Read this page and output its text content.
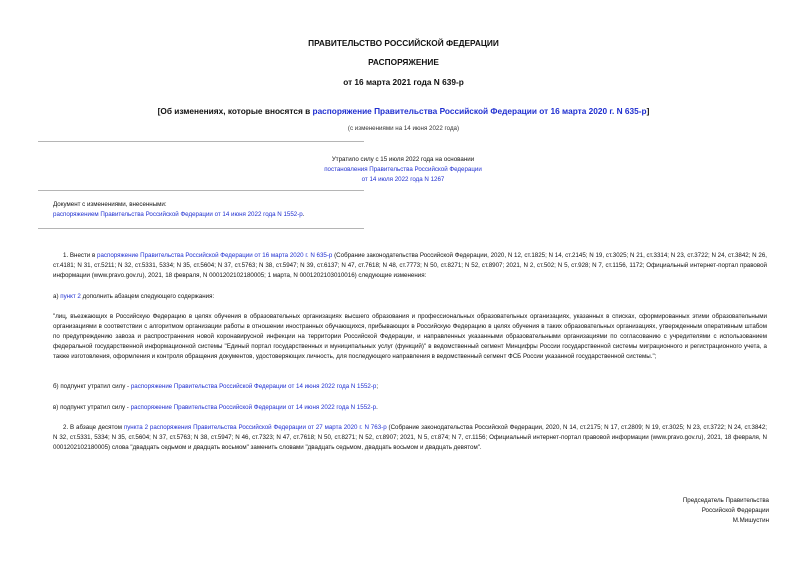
ПРАВИТЕЛЬСТВО РОССИЙСКОЙ ФЕДЕРАЦИИ
РАСПОРЯЖЕНИЕ
от 16 марта 2021 года N 639-р
[Об изменениях, которые вносятся в распоряжение Правительства Российской Федерации от 16 марта 2020 г. N 635-р]
(с изменениями на 14 июня 2022 года)
Утратило силу с 15 июля 2022 года на основании
постановления Правительства Российской Федерации
от 14 июля 2022 года N 1267
Документ с изменениями, внесенными:
распоряжением Правительства Российской Федерации от 14 июня 2022 года N 1552-р.
1. Внести в распоряжение Правительства Российской Федерации от 16 марта 2020 г. N 635-р (Собрание законодательства Российской Федерации, 2020, N 12, ст.1825; N 14, ст.2145; N 19, ст.3025; N 21, ст.3314; N 23, ст.3722; N 24, ст.3842; N 26, ст.4181; N 31, ст.5211; N 32, ст.5331, 5334; N 35, ст.5604; N 37, ст.5763; N 38, ст.5947; N 39, ст.6137; N 47, ст.7618; N 48, ст.7773; N 50, ст.8271; N 52, ст.8907; 2021, N 2, ст.502; N 5, ст.928; N 7, ст.1156, 1172; Официальный интернет-портал правовой информации (www.pravo.gov.ru), 2021, 18 февраля, N 0001202102180005; 1 марта, N 0001202103010016) следующие изменения:
а) пункт 2 дополнить абзацем следующего содержания:
"лиц, въезжающих в Российскую Федерацию в целях обучения в образовательных организациях высшего образования и профессиональных образовательных организациях, указанных в списках, сформированных этими образовательными организациями в соответствии с алгоритмом организации работы в отношении иностранных обучающихся, прибывающих в Российскую Федерацию в целях обучения в таких образовательных организациях, утвержденным оперативным штабом по предупреждению завоза и распространения новой коронавирусной инфекции на территории Российской Федерации, и направленных указанными образовательными организациями по согласованию с учредителями с использованием федеральной государственной информационной системы "Единый портал государственных и муниципальных услуг (функций)" в ведомственный сегмент Минцифры России государственной системы миграционного и регистрационного учета, а также изготовления, оформления и контроля обращения документов, удостоверяющих личность, для последующего направления в ведомственный сегмент ФСБ России указанной государственной системы.";
б) подпункт утратил силу - распоряжение Правительства Российской Федерации от 14 июня 2022 года N 1552-р;
в) подпункт утратил силу - распоряжение Правительства Российской Федерации от 14 июня 2022 года N 1552-р.
2. В абзаце десятом пункта 2 распоряжения Правительства Российской Федерации от 27 марта 2020 г. N 763-р (Собрание законодательства Российской Федерации, 2020, N 14, ст.2175; N 17, ст.2809; N 19, ст.3025; N 23, ст.3722; N 24, ст.3842; N 32, ст.5331, 5334; N 35, ст.5604; N 37, ст.5763; N 38, ст.5947; N 46, ст.7323; N 47, ст.7618; N 50, ст.8271; N 52, ст.8907; 2021, N 5, ст.874; N 7, ст.1156; Официальный интернет-портал правовой информации (www.pravo.gov.ru), 2021, 18 февраля, N 0001202102180005) слова "двадцать седьмом и двадцать восьмом" заменить словами "двадцать седьмом, двадцать восьмом и двадцать девятом".
Председатель Правительства
Российской Федерации
М.Мишустин
